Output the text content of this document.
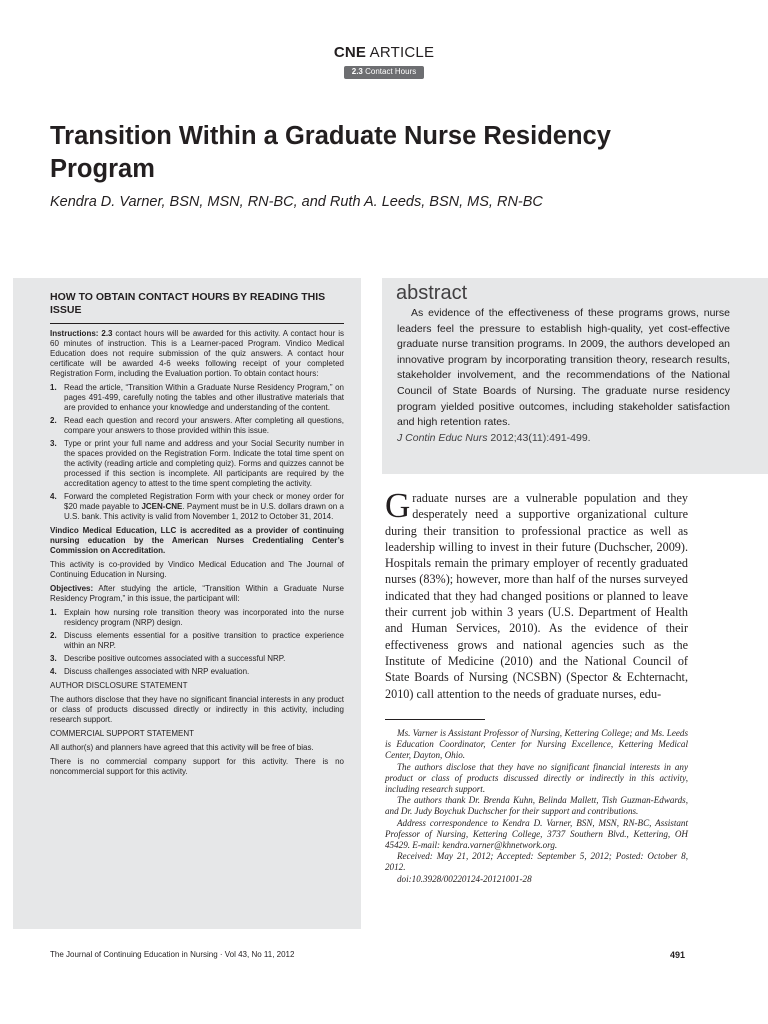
CNE ARTICLE
2.3 Contact Hours
Transition Within a Graduate Nurse Residency Program

Kendra D. Varner, BSN, MSN, RN-BC, and Ruth A. Leeds, BSN, MS, RN-BC

HOW TO OBTAIN CONTACT HOURS BY READING THIS ISSUE

Instructions: 2.3 contact hours will be awarded for this activity. A contact hour is 60 minutes of instruction. This is a Learner-paced Program. Vindico Medical Education does not require submission of the quiz answers. A contact hour certificate will be awarded 4-6 weeks following receipt of your completed Registration Form, including the Evaluation portion. To obtain contact hours:

1. Read the article, “Transition Within a Graduate Nurse Residency Program,” on pages 491-499, carefully noting the tables and other illustrative materials that are provided to enhance your knowledge and understanding of the content.
2. Read each question and record your answers. After completing all questions, compare your answers to those provided within this issue.
3. Type or print your full name and address and your Social Security number in the spaces provided on the Registration Form. Indicate the total time spent on the activity (reading article and completing quiz). Forms and quizzes cannot be processed if this section is incomplete. All participants are required by the accreditation agency to attest to the time spent completing the activity.
4. Forward the completed Registration Form with your check or money order for $20 made payable to JCEN-CNE. Payment must be in U.S. dollars drawn on a U.S. bank. This activity is valid from November 1, 2012 to October 31, 2014.

Vindico Medical Education, LLC is accredited as a provider of continuing nursing education by the American Nurses Credentialing Center’s Commission on Accreditation.

This activity is co-provided by Vindico Medical Education and The Journal of Continuing Education in Nursing.

Objectives: After studying the article, “Transition Within a Graduate Nurse Residency Program,” in this issue, the participant will:

1. Explain how nursing role transition theory was incorporated into the nurse residency program (NRP) design.
2. Discuss elements essential for a positive transition to practice experience within an NRP.
3. Describe positive outcomes associated with a successful NRP.
4. Discuss challenges associated with NRP evaluation.

AUTHOR DISCLOSURE STATEMENT

The authors disclose that they have no significant financial interests in any product or class of products discussed directly or indirectly in this activity, including research support.

COMMERCIAL SUPPORT STATEMENT

All author(s) and planners have agreed that this activity will be free of bias.

There is no commercial company support for this activity. There is no noncommercial support for this activity.

abstract

As evidence of the effectiveness of these programs grows, nurse leaders feel the pressure to establish high-quality, yet cost-effective graduate nurse transition programs. In 2009, the authors developed an innovative program by incorporating transition theory, research results, stakeholder involvement, and the recommendations of the National Council of State Boards of Nursing. The graduate nurse residency program yielded positive outcomes, including stakeholder satisfaction and high retention rates.
J Contin Educ Nurs 2012;43(11):491-499.

Graduate nurses are a vulnerable population and they desperately need a supportive organizational culture during their transition to professional practice as well as leadership willing to invest in their future (Duchscher, 2009). Hospitals remain the primary employer of recently graduated nurses (83%); however, more than half of the nurses surveyed indicated that they had changed positions or planned to leave their current job within 3 years (U.S. Department of Health and Human Services, 2010). As the evidence of their effectiveness grows and national agencies such as the Institute of Medicine (2010) and the National Council of State Boards of Nursing (NCSBN) (Spector & Echternacht, 2010) call attention to the needs of graduate nurses, edu-

Ms. Varner is Assistant Professor of Nursing, Kettering College; and Ms. Leeds is Education Coordinator, Center for Nursing Excellence, Kettering Medical Center, Dayton, Ohio.

The authors disclose that they have no significant financial interests in any product or class of products discussed directly or indirectly in this activity, including research support.

The authors thank Dr. Brenda Kuhn, Belinda Mallett, Tish Guzman-Edwards, and Dr. Judy Boychuk Duchscher for their support and contributions.

Address correspondence to Kendra D. Varner, BSN, MSN, RN-BC, Assistant Professor of Nursing, Kettering College, 3737 Southern Blvd., Kettering, OH 45429. E-mail: kendra.varner@khnetwork.org.

Received: May 21, 2012; Accepted: September 5, 2012; Posted: October 8, 2012.

doi:10.3928/00220124-20121001-28

The Journal of Continuing Education in Nursing · Vol 43, No 11, 2012	491
